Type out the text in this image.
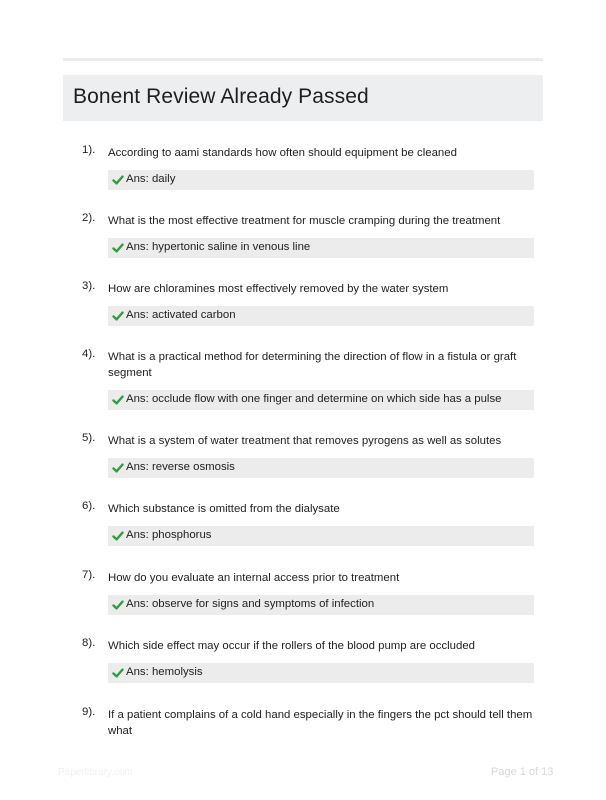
Bonent Review Already Passed
1). According to aami standards how often should equipment be cleaned
Ans: daily
2). What is the most effective treatment for muscle cramping during the treatment
Ans: hypertonic saline in venous line
3). How are chloramines most effectively removed by the water system
Ans: activated carbon
4). What is a practical method for determining the direction of flow in a fistula or graft segment
Ans: occlude flow with one finger and determine on which side has a pulse
5). What is a system of water treatment that removes pyrogens as well as solutes
Ans: reverse osmosis
6). Which substance is omitted from the dialysate
Ans: phosphorus
7). How do you evaluate an internal access prior to treatment
Ans: observe for signs and symptoms of infection
8). Which side effect may occur if the rollers of the blood pump are occluded
Ans: hemolysis
9). If a patient complains of a cold hand especially in the fingers the pct should tell them what
Paperlibrary.com	Page 1 of 13
